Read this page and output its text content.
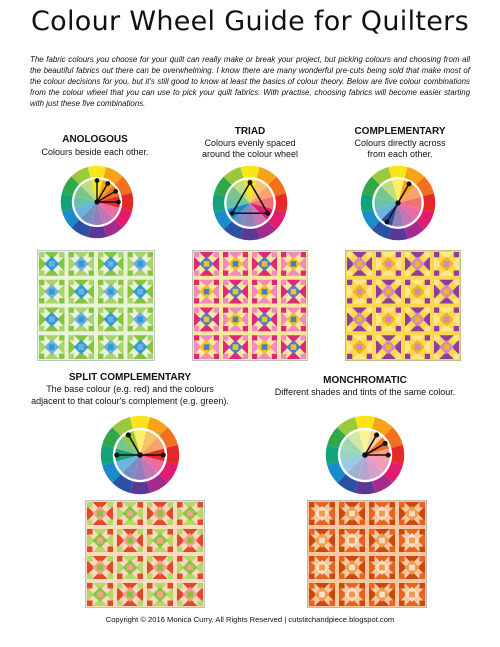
Colour Wheel Guide for Quilters
The fabric colours you choose for your quilt can really make or break your project, but picking colours and choosing from all the beautiful fabrics out there can be overwhelming. I know there are many wonderful pre-cuts being sold that make most of the colour decisions for you, but it's still good to know at least the basics of colour theory. Below are five colour combinations from the colour wheel that you can use to pick your quilt fabrics. With practise, choosing fabrics will become easier starting with just these five combinations.
ANOLOGOUS
Colours beside each other.
TRIAD
Colours evenly spaced
around the colour wheel
COMPLEMENTARY
Colours directly across
from each other.
SPLIT COMPLEMENTARY
The base colour (e.g. red) and the colours
adjacent to that colour's complement (e.g. green).
MONCHROMATIC
Different shades and tints of the same colour.
Copyright © 2016 Monica Curry. All Rights Reserved | cutstitchandpiece.blogspot.com
